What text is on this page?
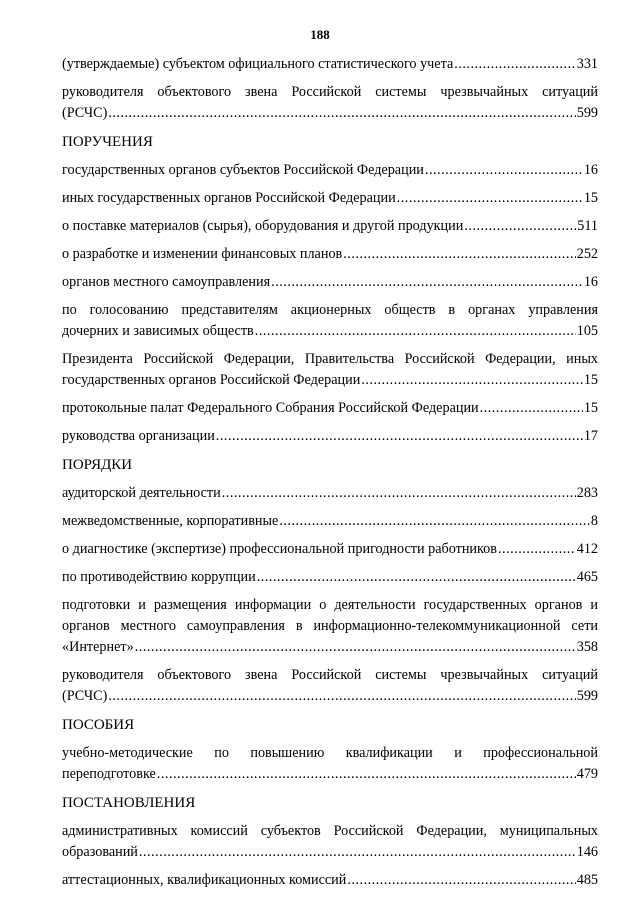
188
(утверждаемые) субъектом официального статистического учета .....	331
руководителя объектового звена Российской системы чрезвычайных ситуаций
(РСЧС) .....	599
ПОРУЧЕНИЯ
государственных органов субъектов Российской Федерации .....	16
иных государственных органов Российской Федерации .....	15
о поставке материалов (сырья), оборудования и другой продукции .....	511
о разработке и изменении финансовых планов .....	252
органов местного самоуправления .....	16
по голосованию представителям акционерных обществ в органах управления
дочерних и зависимых обществ .....	105
Президента Российской Федерации, Правительства Российской Федерации, иных
государственных органов Российской Федерации .....	15
протокольные палат Федерального Собрания Российской Федерации .....	15
руководства организации .....	17
ПОРЯДКИ
аудиторской деятельности .....	283
межведомственные, корпоративные .....	8
о диагностике (экспертизе) профессиональной пригодности работников .....	412
по противодействию коррупции .....	465
подготовки и размещения информации о деятельности государственных органов и
органов местного самоуправления в информационно-телекоммуникационной сети
«Интернет» .....	358
руководителя объектового звена Российской системы чрезвычайных ситуаций
(РСЧС) .....	599
ПОСОБИЯ
учебно-методические по повышению квалификации и профессиональной
переподготовке .....	479
ПОСТАНОВЛЕНИЯ
административных комиссий субъектов Российской Федерации, муниципальных
образований .....	146
аттестационных, квалификационных комиссий .....	485
